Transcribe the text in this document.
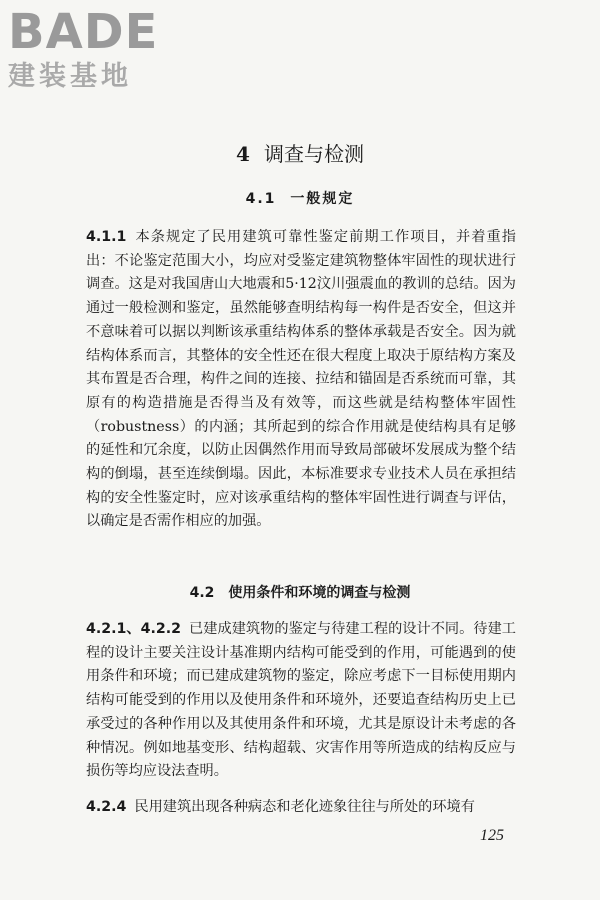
BADE
建装基地
4 调查与检测
4.1 一般规定

4.1.1 本条规定了民用建筑可靠性鉴定前期工作项目，并着重指出：不论鉴定范围大小，均应对受鉴定建筑物整体牢固性的现状进行调查。这是对我国唐山大地震和5·12汶川强震血的教训的总结。因为通过一般检测和鉴定，虽然能够查明结构每一构件是否安全，但这并不意味着可以据以判断该承重结构体系的整体承载是否安全。因为就结构体系而言，其整体的安全性还在很大程度上取决于原结构方案及其布置是否合理，构件之间的连接、拉结和锚固是否系统而可靠，其原有的构造措施是否得当及有效等，而这些就是结构整体牢固性（robustness）的内涵；其所起到的综合作用就是使结构具有足够的延性和冗余度，以防止因偶然作用而导致局部破坏发展成为整个结构的倒塌，甚至连续倒塌。因此，本标准要求专业技术人员在承担结构的安全性鉴定时，应对该承重结构的整体牢固性进行调查与评估，以确定是否需作相应的加强。

4.2 使用条件和环境的调查与检测

4.2.1、4.2.2 已建成建筑物的鉴定与待建工程的设计不同。待建工程的设计主要关注设计基准期内结构可能受到的作用，可能遇到的使用条件和环境；而已建成建筑物的鉴定，除应考虑下一目标使用期内结构可能受到的作用以及使用条件和环境外，还要追查结构历史上已承受过的各种作用以及其使用条件和环境，尤其是原设计未考虑的各种情况。例如地基变形、结构超载、灾害作用等所造成的结构反应与损伤等均应设法查明。

4.2.4 民用建筑出现各种病态和老化迹象往往与所处的环境有

125
